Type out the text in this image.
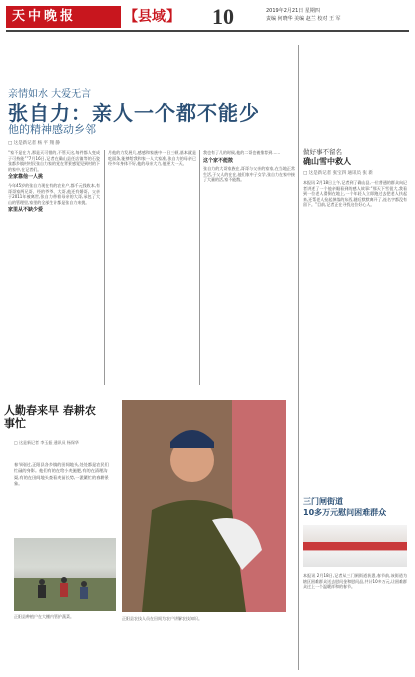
天中晚报	【县域】 10	2019年2月21日 星期四
责编 何晓华 美编 赵兰 校对 王 军
亲情如水 大爱无言
张自力：亲人一个都不能少
他的精神感动乡邻
□ 这是新记者 杨 平 翔 静
“家不是在力,那是天可惜的,不管天这,每件都人变成子可持能””7月16日,记者在确山县任店镇等的石瓷张都乡镇村村民张自力家的党在背景感觉见到村的下的家中,在记者们。
全家靠他一人挑
今年45岁的张自力现在有的农业户,都千元钱收本,有哥哥家两兄哥、经的爷爷、大哥,他还有婚哥。父亲于2011年被离世,张自力带着母亲的大哥,承包了大山的管理里,家里的全部生计都是张自力来挑。
家里从不缺少爱
月他的力发展几,感感和家族中一日三顿,基本就是吃面条,能够给我和家一人大家准,张自力的母亲已经多年身体不好,他的母亲大力,他更大一天。
我也有了几的时候,他的二哥也被推荐到……
这个家不能散
张自力的大哥家族在,哥哥与父亲的家家,在当地正常生活,于父人的在在,他们家中子女学,张自力在家中接了大量的活,家不能散。
做好事不留名
确山雪中救人
□ 这是新记者 张宝四 通讯员 张 新
本报讯 2月18日上午,记者到了确山县,一位普通的群众向记者讲述了一个他亲眼看到的感人故事:“那天下雪很大,我看到一位老人滑倒在地上,一个年轻人立即跑过去把老人扶起来,还帮老人捡起掉落的东西,随后默默离开了,连名字都没有留下。”目前,记者正在寻找这位好心人。
三门闸街道
10多万元慰问困难群众
本报讯 2月18日,记者从三门闸街道获悉,春节前,该街道为辖区困难群众送去慰问金和慰问品,共计10多万元,让困难群众过上一个温暖祥和的春节。
人勤春来早 春耕农事忙
□ 这是新记者 李玉振 通讯员 杨保华
春节刚过,正阳县各乡镇的田间地头,处处都是农民们忙碌的身影。他们有的在给小麦施肥,有的在清理沟渠,有的在田间地头查看麦苗长势,一派繁忙的春耕景象。
正阳县种植户在大棚内管护蔬菜。	正阳县农技人员在田间为农户讲解农技知识。
